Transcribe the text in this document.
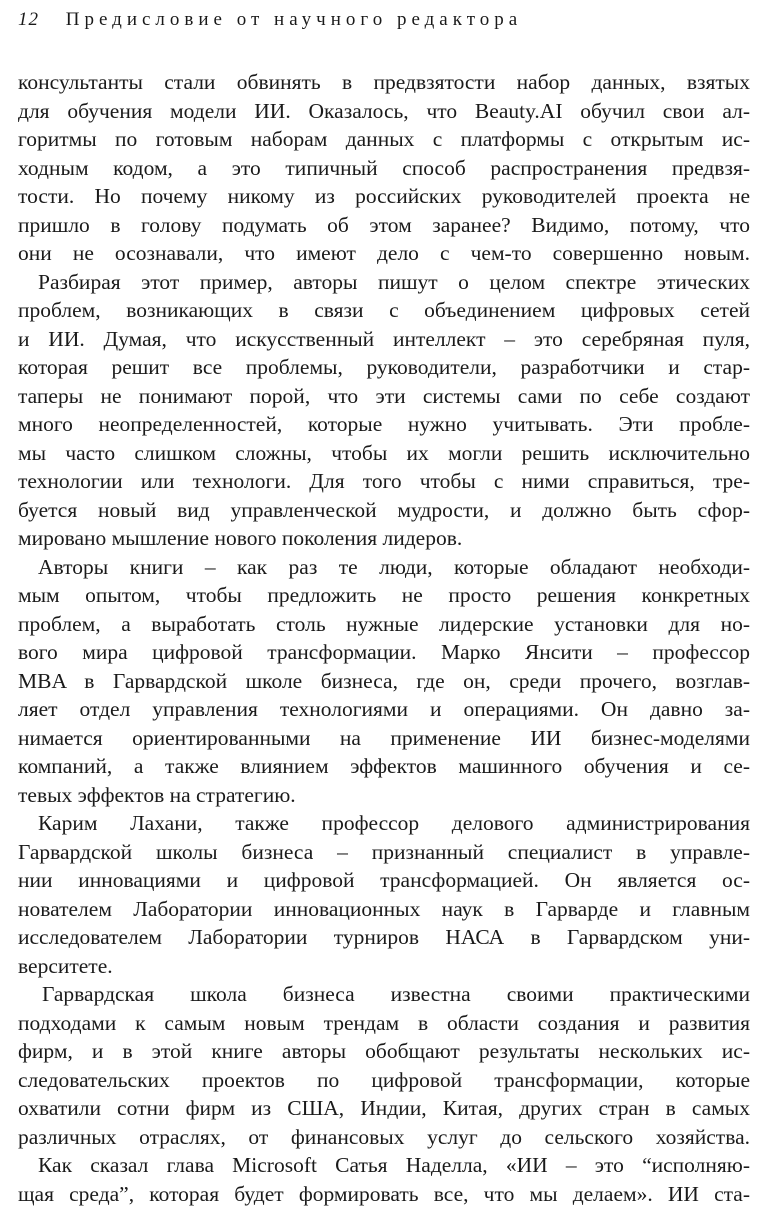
12 Предисловие от научного редактора
консультанты стали обвинять в предвзятости набор данных, взятых
для обучения модели ИИ. Оказалось, что Beauty.AI обучил свои ал-
горитмы по готовым наборам данных с платформы с открытым ис-
ходным кодом, а это типичный способ распространения предвзя-
тости. Но почему никому из российских руководителей проекта не
пришло в голову подумать об этом заранее? Видимо, потому, что
они не осознавали, что имеют дело с чем-то совершенно новым.
Разбирая этот пример, авторы пишут о целом спектре этических
проблем, возникающих в связи с объединением цифровых сетей
и ИИ. Думая, что искусственный интеллект – это серебряная пуля,
которая решит все проблемы, руководители, разработчики и стар-
таперы не понимают порой, что эти системы сами по себе создают
много неопределенностей, которые нужно учитывать. Эти пробле-
мы часто слишком сложны, чтобы их могли решить исключительно
технологии или технологи. Для того чтобы с ними справиться, тре-
буется новый вид управленческой мудрости, и должно быть сфор-
мировано мышление нового поколения лидеров.
Авторы книги – как раз те люди, которые обладают необходи-
мым опытом, чтобы предложить не просто решения конкретных
проблем, а выработать столь нужные лидерские установки для но-
вого мира цифровой трансформации. Марко Янсити – профессор
MBA в Гарвардской школе бизнеса, где он, среди прочего, возглав-
ляет отдел управления технологиями и операциями. Он давно за-
нимается ориентированными на применение ИИ бизнес-моделями
компаний, а также влиянием эффектов машинного обучения и се-
тевых эффектов на стратегию.
Карим Лахани, также профессор делового администрирования
Гарвардской школы бизнеса – признанный специалист в управле-
нии инновациями и цифровой трансформацией. Он является ос-
нователем Лаборатории инновационных наук в Гарварде и главным
исследователем Лаборатории турниров НАСА в Гарвардском уни-
верситете.
Гарвардская школа бизнеса известна своими практическими
подходами к самым новым трендам в области создания и развития
фирм, и в этой книге авторы обобщают результаты нескольких ис-
следовательских проектов по цифровой трансформации, которые
охватили сотни фирм из США, Индии, Китая, других стран в самых
различных отраслях, от финансовых услуг до сельского хозяйства.
Как сказал глава Microsoft Сатья Наделла, «ИИ – это “исполняю-
щая среда”, которая будет формировать все, что мы делаем». ИИ ста-
